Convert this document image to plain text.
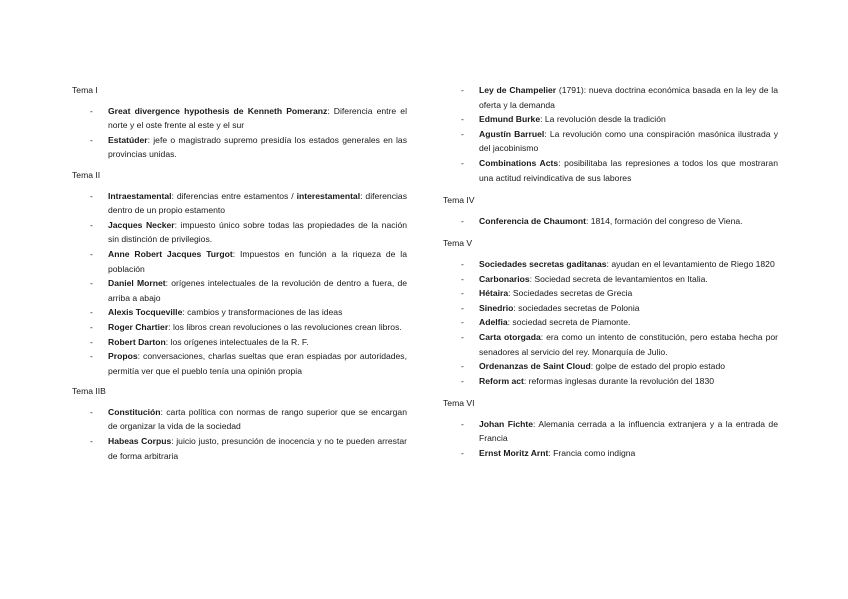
Tema I

- Great divergence hypothesis de Kenneth Pomeranz: Diferencia entre el norte y el oste frente al este y el sur
- Estatúder: jefe o magistrado supremo presidía los estados generales en las provincias unidas.

Tema II

- Intraestamental: diferencias entre estamentos / interestamental: diferencias dentro de un propio estamento
- Jacques Necker: impuesto único sobre todas las propiedades de la nación sin distinción de privilegios.
- Anne Robert Jacques Turgot: Impuestos en función a la riqueza de la población
- Daniel Mornet: orígenes intelectuales de la revolución de dentro a fuera, de arriba a abajo
- Alexis Tocqueville: cambios y transformaciones de las ideas
- Roger Chartier: los libros crean revoluciones o las revoluciones crean libros.
- Robert Darton: los orígenes intelectuales de la R. F.
- Propos: conversaciones, charlas sueltas que eran espiadas por autoridades, permitía ver que el pueblo tenía una opinión propia

Tema IIB

- Constitución: carta política con normas de rango superior que se encargan de organizar la vida de la sociedad
- Habeas Corpus: juicio justo, presunción de inocencia y no te pueden arrestar de forma arbitraria
- Ley de Champelier (1791): nueva doctrina económica basada en la ley de la oferta y la demanda
- Edmund Burke: La revolución desde la tradición
- Agustín Barruel: La revolución como una conspiración masónica ilustrada y del jacobinismo
- Combinations Acts: posibilitaba las represiones a todos los que mostraran una actitud reivindicativa de sus labores

Tema IV

- Conferencia de Chaumont: 1814, formación del congreso de Viena.

Tema V

- Sociedades secretas gaditanas: ayudan en el levantamiento de Riego 1820
- Carbonarios: Sociedad secreta de levantamientos en Italia.
- Hétaira: Sociedades secretas de Grecia
- Sinedrio: sociedades secretas de Polonia
- Adelfia: sociedad secreta de Piamonte.
- Carta otorgada: era como un intento de constitución, pero estaba hecha por senadores al servicio del rey. Monarquía de Julio.
- Ordenanzas de Saint Cloud: golpe de estado del propio estado
- Reform act: reformas inglesas durante la revolución del 1830

Tema VI

- Johan Fichte: Alemania cerrada a la influencia extranjera y a la entrada de Francia
- Ernst Moritz Arnt: Francia como indigna
